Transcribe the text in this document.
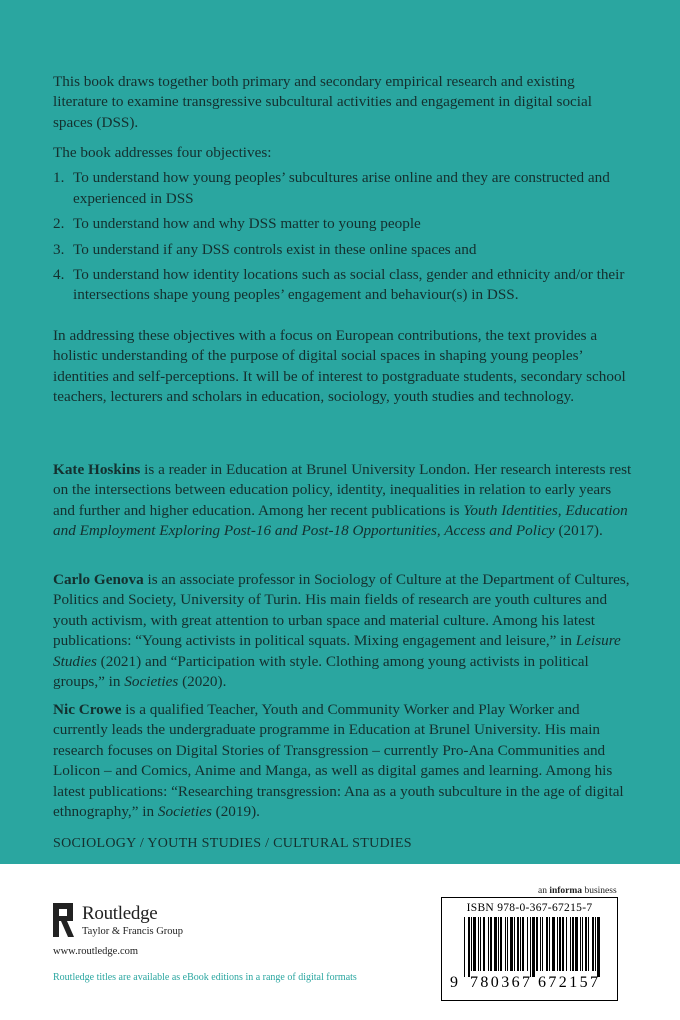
This book draws together both primary and secondary empirical research and existing literature to examine transgressive subcultural activities and engagement in digital social spaces (DSS).

The book addresses four objectives:

1. To understand how young peoples’ subcultures arise online and they are constructed and experienced in DSS
2. To understand how and why DSS matter to young people
3. To understand if any DSS controls exist in these online spaces and
4. To understand how identity locations such as social class, gender and ethnicity and/or their intersections shape young peoples’ engagement and behaviour(s) in DSS.

In addressing these objectives with a focus on European contributions, the text provides a holistic understanding of the purpose of digital social spaces in shaping young peoples’ identities and self-perceptions. It will be of interest to postgraduate students, secondary school teachers, lecturers and scholars in education, sociology, youth studies and technology.

Kate Hoskins is a reader in Education at Brunel University London. Her research interests rest on the intersections between education policy, identity, inequalities in relation to early years and further and higher education. Among her recent publications is Youth Identities, Education and Employment Exploring Post-16 and Post-18 Opportunities, Access and Policy (2017).

Carlo Genova is an associate professor in Sociology of Culture at the Department of Cultures, Politics and Society, University of Turin. His main fields of research are youth cultures and youth activism, with great attention to urban space and material culture. Among his latest publications: “Young activists in political squats. Mixing engagement and leisure,” in Leisure Studies (2021) and “Participation with style. Clothing among young activists in political groups,” in Societies (2020).

Nic Crowe is a qualified Teacher, Youth and Community Worker and Play Worker and currently leads the undergraduate programme in Education at Brunel University. His main research focuses on Digital Stories of Transgression – currently Pro-Ana Communities and Lolicon – and Comics, Anime and Manga, as well as digital games and learning. Among his latest publications: “Researching transgression: Ana as a youth subculture in the age of digital ethnography,” in Societies (2019).

SOCIOLOGY / YOUTH STUDIES / CULTURAL STUDIES
Routledge
Taylor & Francis Group
www.routledge.com
Routledge titles are available as eBook editions in a range of digital formats
an informa business
ISBN 978-0-367-67215-7
9 780367 672157
